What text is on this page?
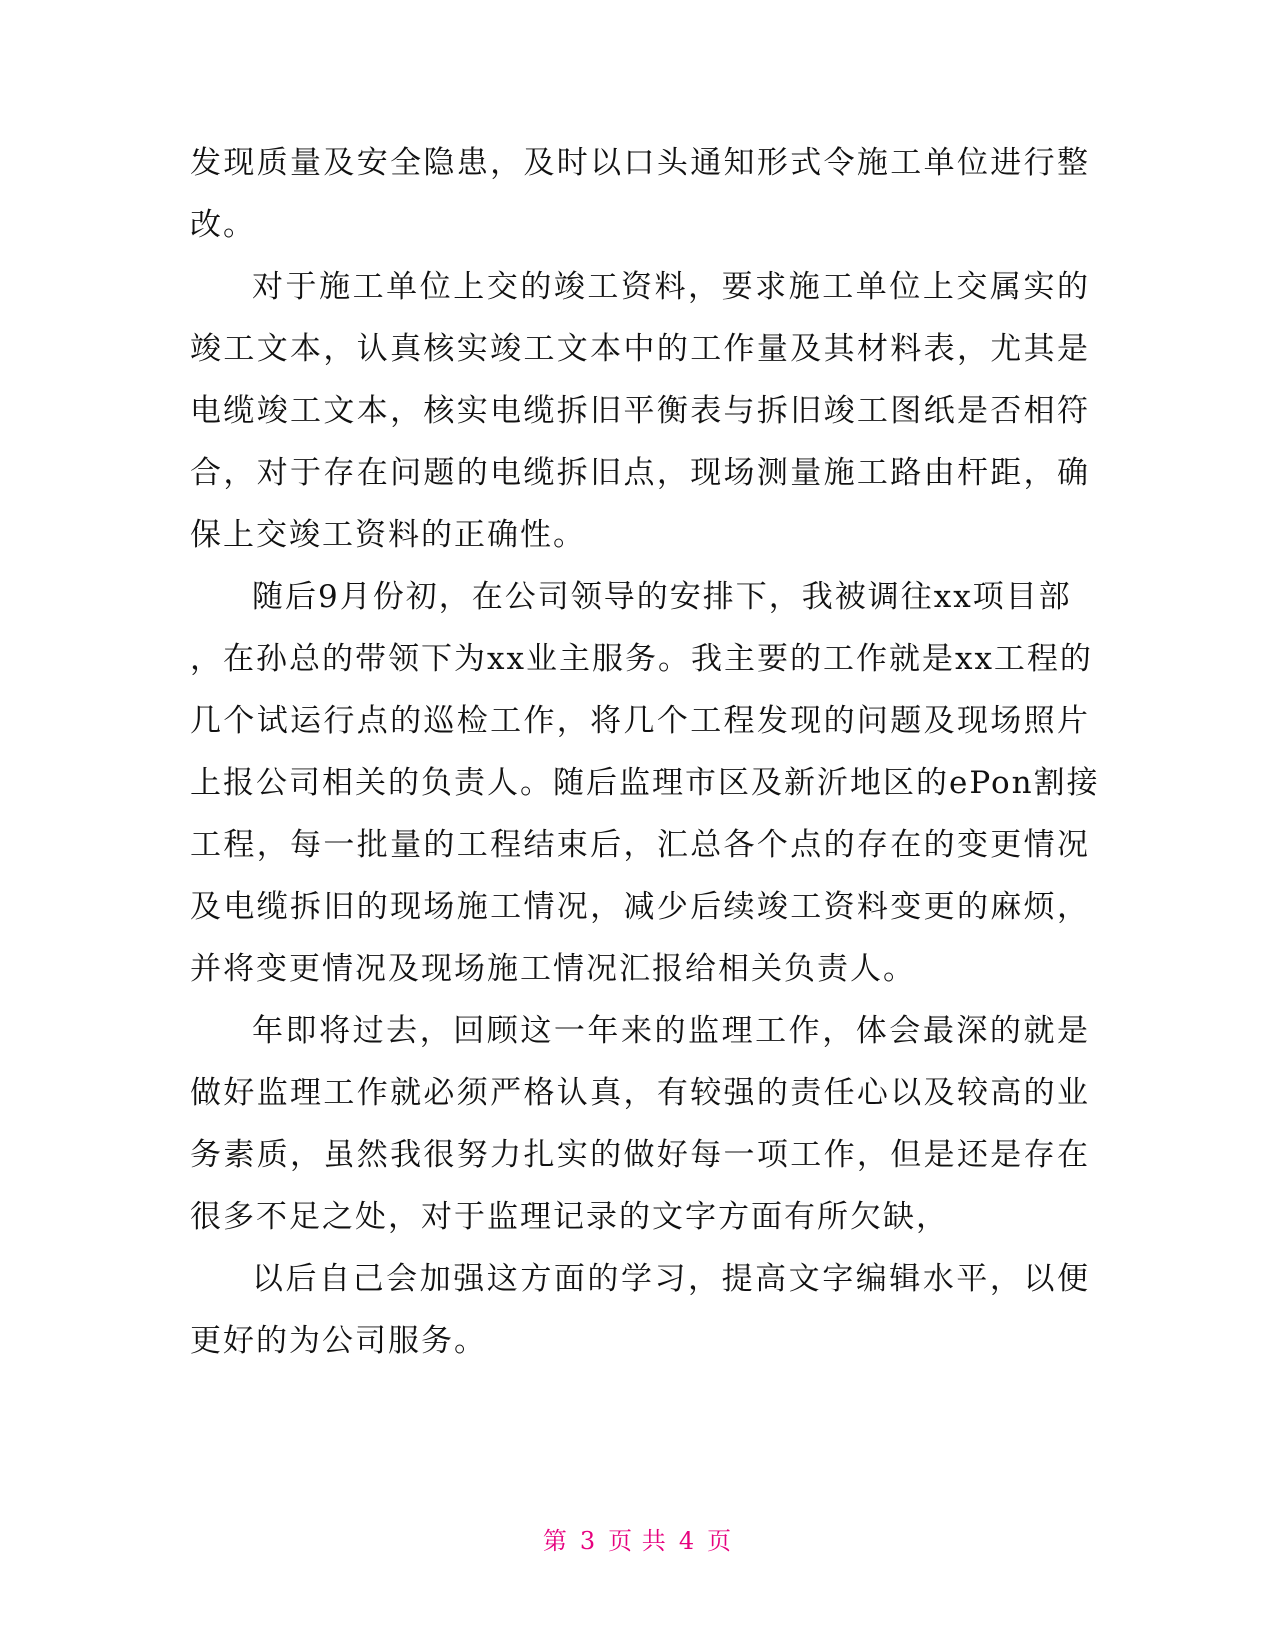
发现质量及安全隐患，及时以口头通知形式令施工单位进行整
改。
对于施工单位上交的竣工资料，要求施工单位上交属实的
竣工文本，认真核实竣工文本中的工作量及其材料表，尤其是
电缆竣工文本，核实电缆拆旧平衡表与拆旧竣工图纸是否相符
合，对于存在问题的电缆拆旧点，现场测量施工路由杆距，确
保上交竣工资料的正确性。
随后9月份初，在公司领导的安排下，我被调往xx项目部
，在孙总的带领下为xx业主服务。我主要的工作就是xx工程的
几个试运行点的巡检工作，将几个工程发现的问题及现场照片
上报公司相关的负责人。随后监理市区及新沂地区的ePon割接
工程，每一批量的工程结束后，汇总各个点的存在的变更情况
及电缆拆旧的现场施工情况，减少后续竣工资料变更的麻烦，
并将变更情况及现场施工情况汇报给相关负责人。
年即将过去，回顾这一年来的监理工作，体会最深的就是
做好监理工作就必须严格认真，有较强的责任心以及较高的业
务素质，虽然我很努力扎实的做好每一项工作，但是还是存在
很多不足之处，对于监理记录的文字方面有所欠缺，
以后自己会加强这方面的学习，提高文字编辑水平，以便
更好的为公司服务。
第 3 页 共 4 页
